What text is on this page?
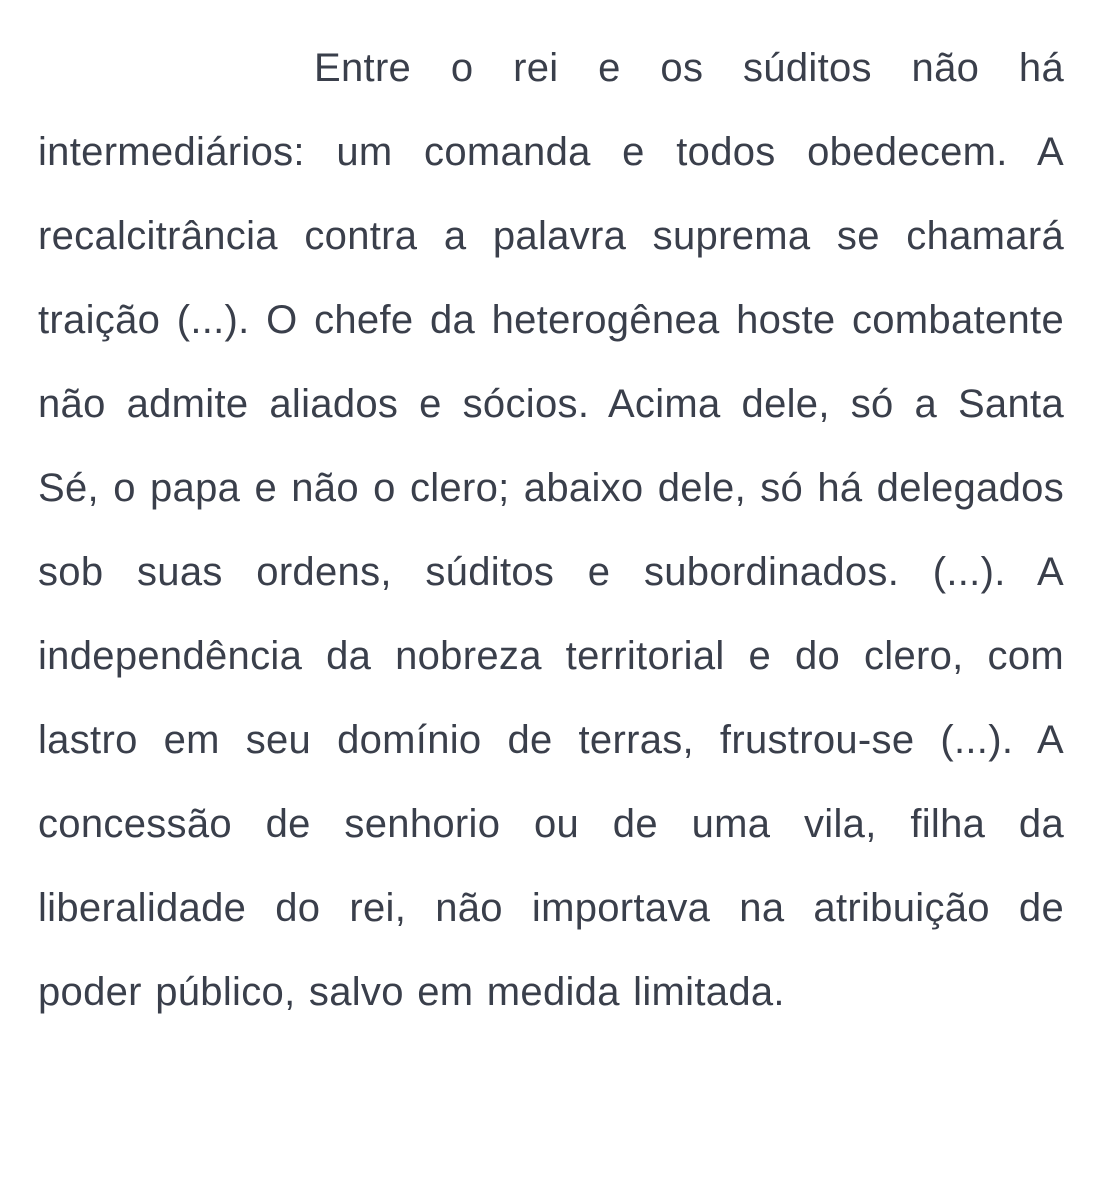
Entre o rei e os súditos não há intermediários: um comanda e todos obedecem. A recalcitrância contra a palavra suprema se chamará traição (...). O chefe da heterogênea hoste combatente não admite aliados e sócios. Acima dele, só a Santa Sé, o papa e não o clero; abaixo dele, só há delegados sob suas ordens, súditos e subordinados. (...). A independência da nobreza territorial e do clero, com lastro em seu domínio de terras, frustrou-se (...). A concessão de senhorio ou de uma vila, filha da liberalidade do rei, não importava na atribuição de poder público, salvo em medida limitada.
